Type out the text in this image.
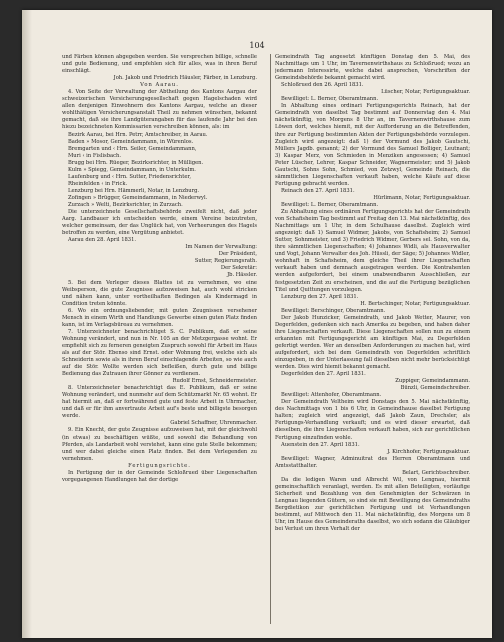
104

und Färben können abgegeben werden. Sie versprechen billige, schnelle und gute Bedienung, und empfehlen sich für alles, was in ihren Beruf einschlägt.

Joh. Jakob und Friedrich Häusler, Färber, in Lenzburg.

Von Aarau.

4. Von Seite der Verwaltung der Abtheilung des Kantons Aargau der schweizerischen Versicherungsgesellschaft gegen Hagelschaden wird allen denjenigen Einwohnern des Kantons Aargau, welche an dieser wohlthätigen Versicherungsanstalt Theil zu nehmen wünschen, bekannt gemacht, daß sie ihre Landgüterangaben für das laufende Jahr bei den hiezu bezeichneten Kommissarien verschreiben können, als: im

Bezirk Aarau, bei Hrn. Petrr, Amtschreiber, in Aarau.

Baden » Mosor, Gemeindammann, in Würenlos.

Bremgarten und ‹ Hrn. Seiler, Gemeindammann,

Muri ‹ in Fislisbach.

Brugg bei Hrn. Rüeger, Bezirksrichter, in Mülligen.

Kulm » Spiegg, Gemeindammann, in Unterkulm.

Laufenburg und ‹ Hrn. Sutter, Friedensrichter,

Rheinfelden ‹ in Frick.

Lenzburg bei Hrn. Hämmerli, Notar, in Lenzburg.

Zofingen » Brügger, Gemeindammann, in Niederwyl.

Zurzach » Welti, Bezirksrichter, in Zurzach.

Die unterzeichnete Gesellschaftsbehörde zweifelt nicht, daß jeder Aarg. Landbauer ich entscheiden werde, einem Vereine beizutreten, welcher gemeinsam, der das Unglück hat, von Verheerungen des Hagels betroffen zu werden, eine Vergütung anbietet.

Aarau den 28. April 1831.

Im Namen der Verwaltung:

Der Präsident,

Sutter, Regierungsrath.

Der Sekretär:

Jb. Hässler.

5. Bei dem Verleger dieses Blattes ist zu vernehmen, wo eine Weibsperson, die gute Zeugnisse aufzuweisen hat, auch wohl stricken und nähen kann, unter vortheilhaften Bedingen als Kindermagd in Condition treten könnte.

6. Wo ein ordnungsliebender, mit guten Zeugnissen versehener Mensch in einem Wirth und Handlungs Gewerbe einen guten Platz finden kann, ist im Verlagsbüreau zu vernehmen.

7. Unterzeichneter benachrichtiget S. C. Publikum, daß er seine Wohnung verändert, und nun in Nr. 105 an der Metzgergasse wohnt. Er empfiehlt sich zu ferneren geneigten Zuspruch sowohl für Arbeit im Haus als auf der Stör. Ebenso sind Ernst. oder Wohnung frei, welche sich als Schneiderin sowie als in ihren Beruf einschlagende Arbeiten, so wie auch auf die Stör. Wollte werden sich befleißen, durch gute und billige Bedienung das Zutrauen ihrer Gönner zu verdienen.

Rudolf Ernst, Schneidermeister.

8. Unterzeichneter benachrichtigt das E. Publikum, daß er seine Wohnung verändert, und nunmehr auf dem Schützmarkt Nr. 65 wohnt. Er hat hiermit an, daß er fortwährend gute und feste Arbeit in Uhrmacher, und daß er für ihm anvertraute Arbeit auf's beste und billigste besorgen werde.

Gabriel Schaffner, Uhrenmacher.

9. Ein Knecht, der gute Zeugnisse aufzuweisen hat, mit der gleichwohl (in etwas) zu beschäftigen wüßte, und sowohl die Behandlung von Pferden, als Landarbeit wohl verstehet, kann eine gute Stelle bekommen; und wer dabei gleiche einen Platz finden. Bei dem Verlegenden zu vernehmen.

Fertigungsrichte.

In Fertigung der in der Gemeinde Schloßrued über Liegenschaften vorgegangenen Handlungen hat der dortige

Gemeindrath Tag angesetzt künftigen Donstag den 5. Mai, des Nachmittags um 1 Uhr, im Tavernenwirthshaus zu Schloßrued; wozu an jedermann Interessirte, welche dabei ansprechen, Vorschriften der Gemeindsbehörde bekannt gemacht wird.

Schloßrued den 26. April 1831.

Lüscher, Notar, Fertigungsaktuar.

Bewilliget: L. Berner, Oberamtmann.

In Abhaltung eines ordinari Fertigungsgerichts Reinach, hat der Gemeindrath von daselbst Tag bestimmt auf Donnerstag den 4. Mai nächstkünftig, von Morgens 8 Uhr an, im Tavernenwirthshause zum Löwen dort, welches hiemit, mit der Aufforderung an die Betreffenden, ihre zur Fertigung bestimmten Akten der Fertigungsbehörde vorzulegen. Zugleich wird angezeigt: daß 1) der Vormund des Jakob Gautschi, Müllers Jagdb. genannt; 2) der Vormund des Samuel Bolliger, Leutnant; 3) Kaspar Merz, von Schmieden in Menziken angesessen; 4) Samuel Peter Lüscher, Lehrer, Kaspar Schneider, Wagnermeister; und 5) Jakob Gautschi, Sohns Sohn, Schmied, von Zetzwyl, Gemeinde Reinach, die sämmtlichen Liegenschaften verkauft haben, welche Käufe auf diese Fertigung gebracht werden.

Reinach den 27. April 1831.

Hürlimann, Notar, Fertigungsaktuar.

Bewilliget: L. Berner, Oberamtmann.

Zu Abhaltung eines ordinären Fertigungsgerichts hat der Gemeindrath von Schafisheim Tag bestimmt auf Freitag den 13. Mai nächstkünftig, des Nachmittags um 1 Uhr, in dem Schulhause daselbst. Zugleich wird angezeigt: daß 1) Samuel Widmer, Jakobs, von Schafisheim; 2) Samuel Sutter, Sohnmeister, und 3) Friedrich Widmer, Gerbers sel. Sohn, von da, ihre sämmtlichen Liegenschaften; 4) Johannes Widli, als Hausverwalter und Vogt, Johann Verwalter des Joh. Hüssli, der Säge; 5) Johannes Widler, wohnhaft in Schafisheim, dem gleiche Theil ihrer Liegenschaften verkauft haben und demnach ausgetragen werden. Die Kontrahenten werden aufgefordert, bei einem unabwendbaren Ausschließen, zur festgesetzten Zeit zu erscheinen, und die auf die Fertigung bezüglichen Titel und Quittungen vorzulegen.

Lenzburg den 27. April 1831.

H. Bertschinger, Notar, Fertigungsaktuar.

Bewilliget: Berschinger, Oberamtmann.

Der Jakob Hunzicker, Gemeindrath, und Jakob Wetter, Maurer, von Degerfelden, gedenken sich nach Amerika zu begeben, und haben daher ihre Liegenschaften verkauft. Diese Liegenschaften sollen nun zu einem erkannten mit Fertigungsgericht am künftigen Mai, zu Degerfelden gefertigt werden. Wer an denselben Anforderungen zu machen hat, wird aufgefordert, sich bei dem Gemeindrath von Degerfelden schriftlich einzugeben, in der Unterlassung fall dieselben nicht mehr berücksichtigt werden. Dies wird hiemit bekannt gemacht.

Degerfelden den 27. April 1831.

Zuppiger, Gemeindammann.

Bünzli, Gemeindschreiber.

Bewilliget: Attenhofer, Oberamtmann.

Der Gemeindrath Veltheim wird Donstags den 5. Mai nächstkünftig, des Nachmittags von 1 bis 6 Uhr, in Gemeindhause daselbst Fertigung halten; zugleich wird angezeigt, daß Jakob Zaun, Drechsler, als Fertigungs-Verhandlung verkauft; und es wird dieser erwartet, daß dieselben, die ihre Liegenschaften verkauft haben, sich zur gerichtlichen Fertigung einzufinden wohle.

Auenstein den 27. April 1831.

J. Kirchhofer, Fertigungsaktuar.

Bewilliget: Wagner, Adminuitrat des Herren Oberamtmann und Amtsstatthalter.

Belart, Gerichtsschreiber.

Da die ledigen Waren und Albrecht Wil, von Lengnau, hiermit gemeinschaftlich veranlagt, werden. Es mit allen Beteiligten, vorläufige Sicherheit und Bezahlung von den Genehmigten der Schwärzen in Lengnau liegenden Gütern, so sind sie mit Bewilligung des Gemeindraths Bergdietikon zur gerichtlichen Fertigung und ist Verhandlungen bestimmt, auf Mittwoch den 11. Mai nächstkünftig, des Morgens um 8 Uhr, im Hause des Gemeinderaths daselbst, wo sich sodann die Gläubiger bei Verlust um ihren Verhalt der
